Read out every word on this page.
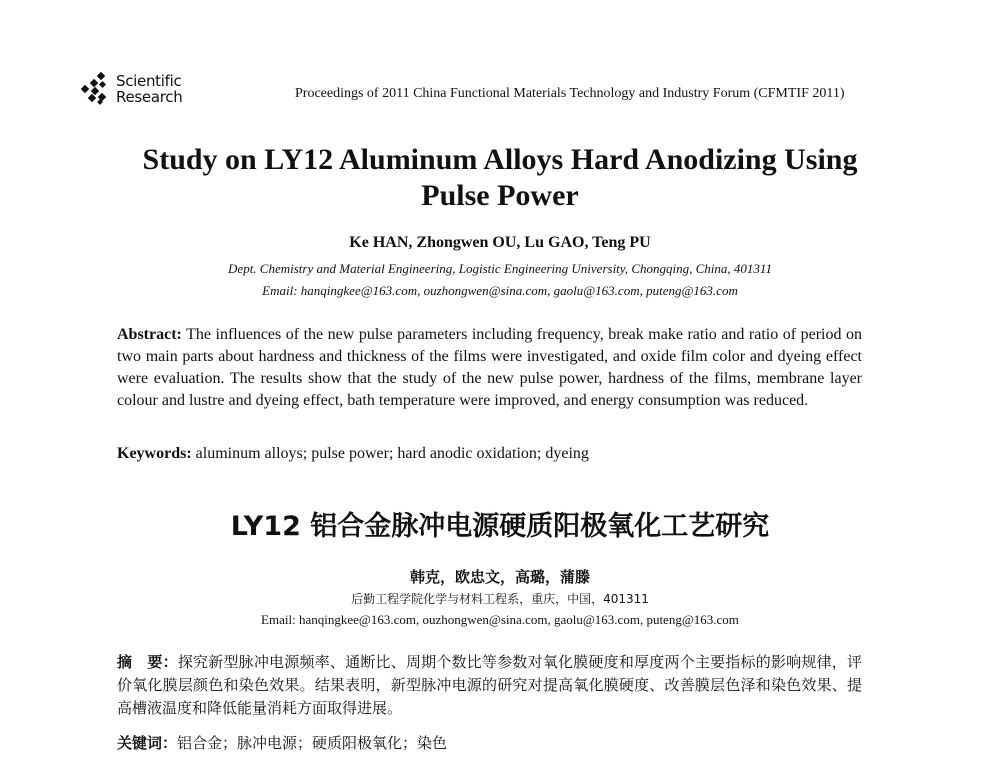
Scientific
Research	Proceedings of 2011 China Functional Materials Technology and Industry Forum (CFMTIF 2011)
Study on LY12 Aluminum Alloys Hard Anodizing Using
Pulse Power
Ke HAN, Zhongwen OU, Lu GAO, Teng PU
Dept. Chemistry and Material Engineering, Logistic Engineering University, Chongqing, China, 401311
Email: hanqingkee@163.com, ouzhongwen@sina.com, gaolu@163.com, puteng@163.com
Abstract: The influences of the new pulse parameters including frequency, break make ratio and ratio of period on two main parts about hardness and thickness of the films were investigated, and oxide film color and dyeing effect were evaluation. The results show that the study of the new pulse power, hardness of the films, membrane layer colour and lustre and dyeing effect, bath temperature were improved, and energy consumption was reduced.
Keywords: aluminum alloys; pulse power; hard anodic oxidation; dyeing
LY12 铝合金脉冲电源硬质阳极氧化工艺研究
韩克，欧忠文，高璐，蒲滕
后勤工程学院化学与材料工程系，重庆，中国，401311
Email: hanqingkee@163.com, ouzhongwen@sina.com, gaolu@163.com, puteng@163.com
摘　要：探究新型脉冲电源频率、通断比、周期个数比等参数对氧化膜硬度和厚度两个主要指标的影响规律，评价氧化膜层颜色和染色效果。结果表明，新型脉冲电源的研究对提高氧化膜硬度、改善膜层色泽和染色效果、提高槽液温度和降低能量消耗方面取得进展。
关键词：铝合金；脉冲电源；硬质阳极氧化；染色
